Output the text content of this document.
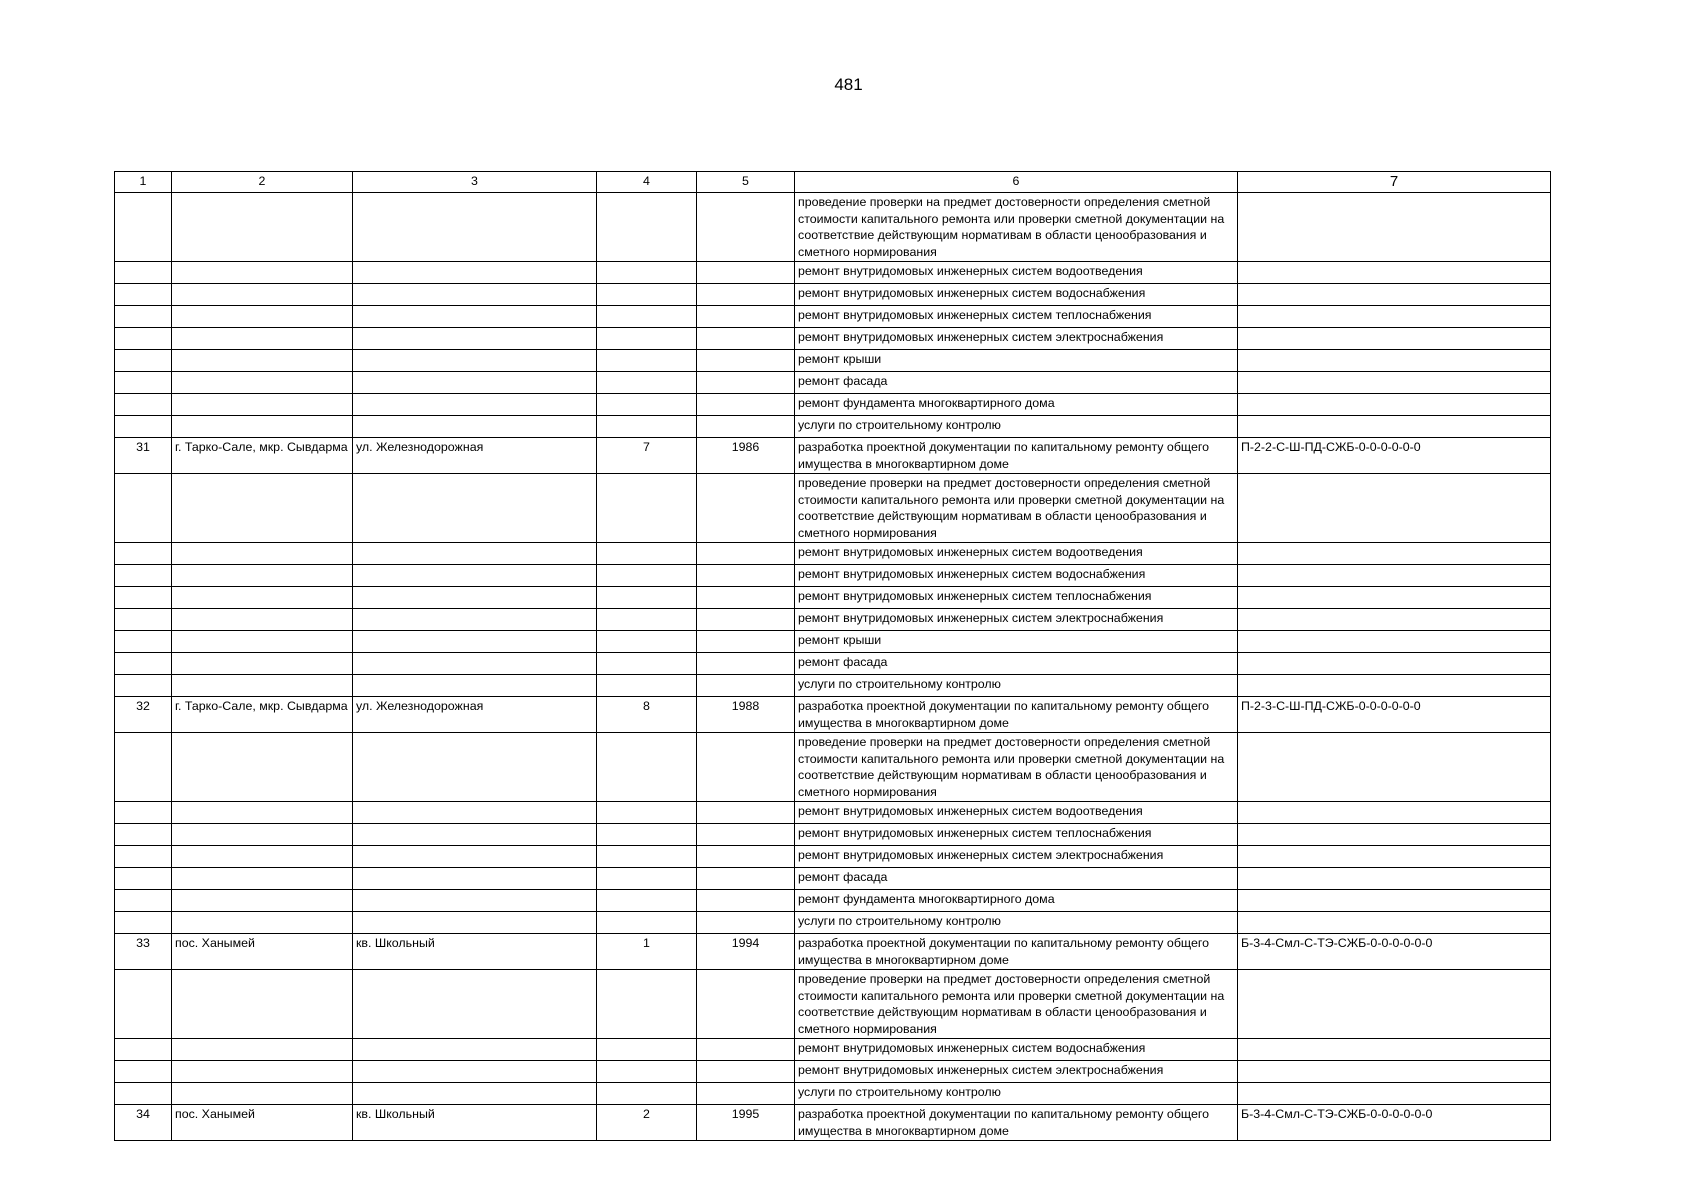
481
1	2	3	4	5	6	7
					проведение проверки на предмет достоверности определения сметной стоимости капитального ремонта или проверки сметной документации на соответствие действующим нормативам в области ценообразования и сметного нормирования	
					ремонт внутридомовых инженерных систем водоотведения	
					ремонт внутридомовых инженерных систем водоснабжения	
					ремонт внутридомовых инженерных систем теплоснабжения	
					ремонт внутридомовых инженерных систем электроснабжения	
					ремонт крыши	
					ремонт фасада	
					ремонт фундамента многоквартирного дома	
					услуги по строительному контролю	
31	г. Тарко-Сале, мкр. Сывдарма	ул. Железнодорожная	7	1986	разработка проектной документации по капитальному ремонту общего имущества в многоквартирном доме	П-2-2-С-Ш-ПД-СЖБ-0-0-0-0-0-0
					проведение проверки на предмет достоверности определения сметной стоимости капитального ремонта или проверки сметной документации на соответствие действующим нормативам в области ценообразования и сметного нормирования	
					ремонт внутридомовых инженерных систем водоотведения	
					ремонт внутридомовых инженерных систем водоснабжения	
					ремонт внутридомовых инженерных систем теплоснабжения	
					ремонт внутридомовых инженерных систем электроснабжения	
					ремонт крыши	
					ремонт фасада	
					услуги по строительному контролю	
32	г. Тарко-Сале, мкр. Сывдарма	ул. Железнодорожная	8	1988	разработка проектной документации по капитальному ремонту общего имущества в многоквартирном доме	П-2-3-С-Ш-ПД-СЖБ-0-0-0-0-0-0
					проведение проверки на предмет достоверности определения сметной стоимости капитального ремонта или проверки сметной документации на соответствие действующим нормативам в области ценообразования и сметного нормирования	
					ремонт внутридомовых инженерных систем водоотведения	
					ремонт внутридомовых инженерных систем теплоснабжения	
					ремонт внутридомовых инженерных систем электроснабжения	
					ремонт фасада	
					ремонт фундамента многоквартирного дома	
					услуги по строительному контролю	
33	пос. Ханымей	кв. Школьный	1	1994	разработка проектной документации по капитальному ремонту общего имущества в многоквартирном доме	Б-3-4-Смл-С-ТЭ-СЖБ-0-0-0-0-0-0
					проведение проверки на предмет достоверности определения сметной стоимости капитального ремонта или проверки сметной документации на соответствие действующим нормативам в области ценообразования и сметного нормирования	
					ремонт внутридомовых инженерных систем водоснабжения	
					ремонт внутридомовых инженерных систем электроснабжения	
					услуги по строительному контролю	
34	пос. Ханымей	кв. Школьный	2	1995	разработка проектной документации по капитальному ремонту общего имущества в многоквартирном доме	Б-3-4-Смл-С-ТЭ-СЖБ-0-0-0-0-0-0
